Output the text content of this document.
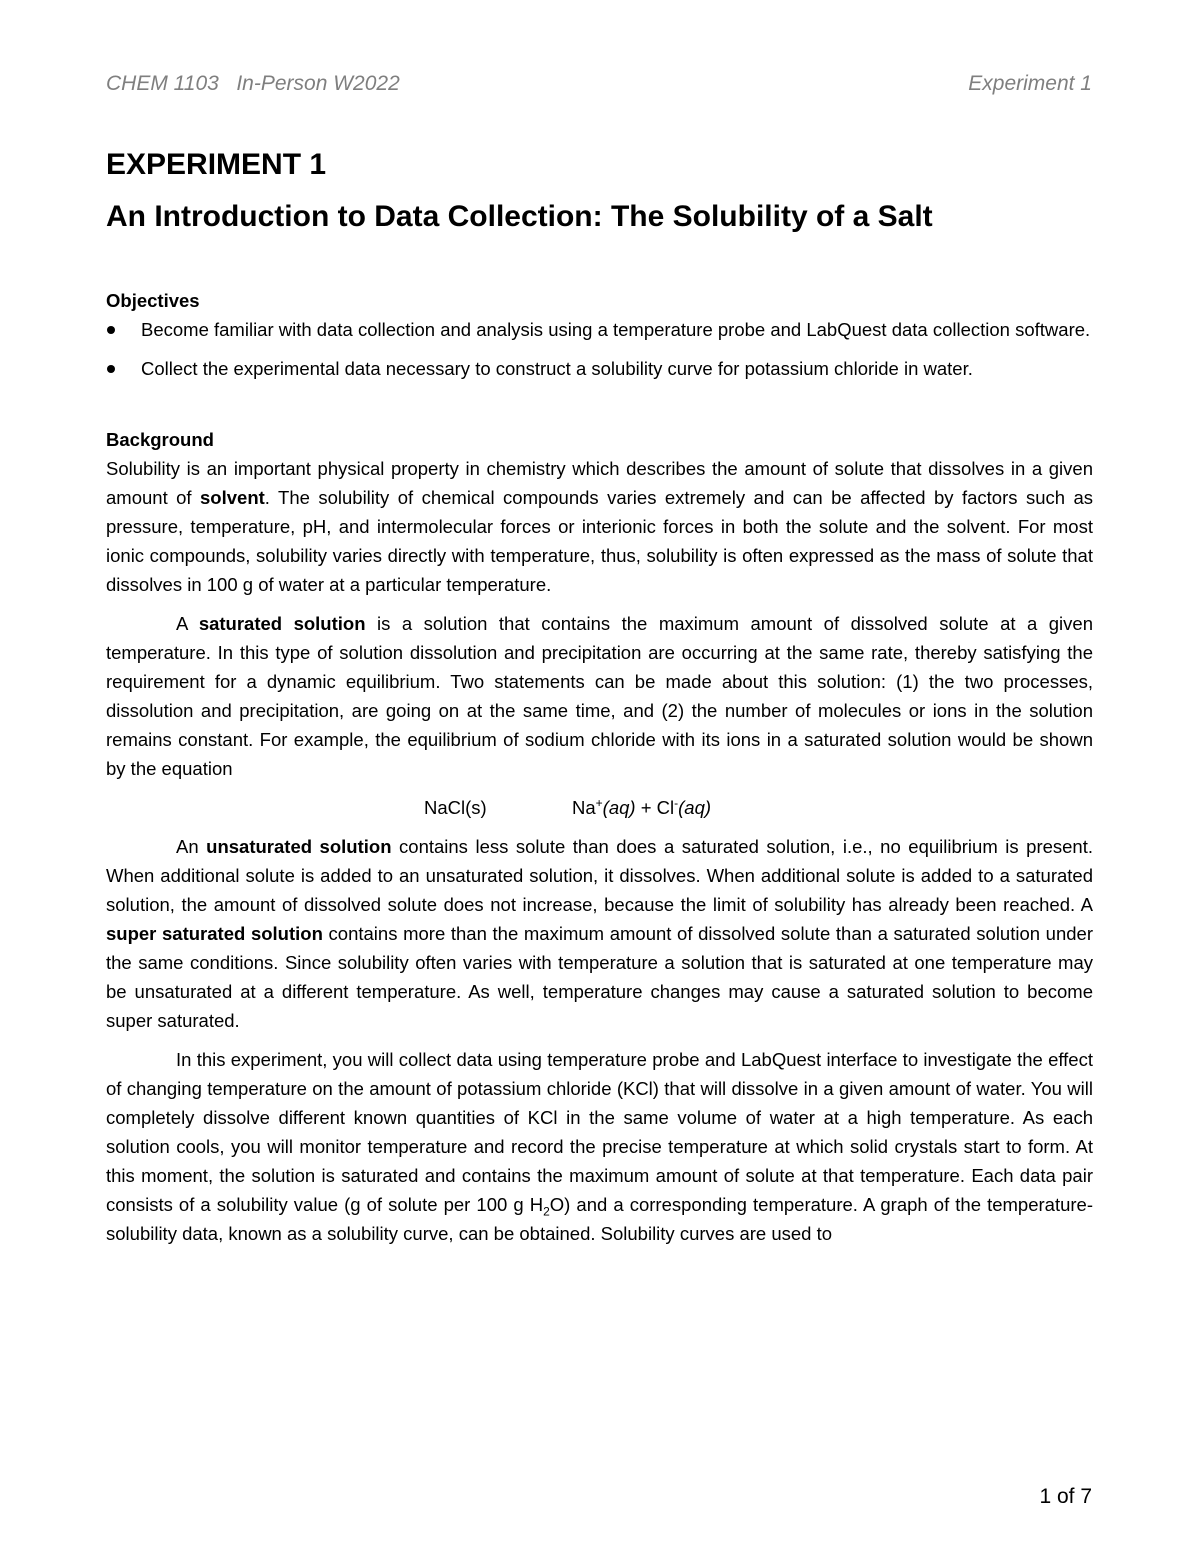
CHEM 1103   In-Person W2022	Experiment 1
EXPERIMENT 1
An Introduction to Data Collection: The Solubility of a Salt
Objectives
Become familiar with data collection and analysis using a temperature probe and LabQuest data collection software.
Collect the experimental data necessary to construct a solubility curve for potassium chloride in water.
Background

Solubility is an important physical property in chemistry which describes the amount of solute that dissolves in a given amount of solvent. The solubility of chemical compounds varies extremely and can be affected by factors such as pressure, temperature, pH, and intermolecular forces or interionic forces in both the solute and the solvent. For most ionic compounds, solubility varies directly with temperature, thus, solubility is often expressed as the mass of solute that dissolves in 100 g of water at a particular temperature.

A saturated solution is a solution that contains the maximum amount of dissolved solute at a given temperature. In this type of solution dissolution and precipitation are occurring at the same rate, thereby satisfying the requirement for a dynamic equilibrium. Two statements can be made about this solution: (1) the two processes, dissolution and precipitation, are going on at the same time, and (2) the number of molecules or ions in the solution remains constant. For example, the equilibrium of sodium chloride with its ions in a saturated solution would be shown by the equation

NaCl(s)	Na+(aq) + Cl-(aq)

An unsaturated solution contains less solute than does a saturated solution, i.e., no equilibrium is present. When additional solute is added to an unsaturated solution, it dissolves. When additional solute is added to a saturated solution, the amount of dissolved solute does not increase, because the limit of solubility has already been reached. A super saturated solution contains more than the maximum amount of dissolved solute than a saturated solution under the same conditions. Since solubility often varies with temperature a solution that is saturated at one temperature may be unsaturated at a different temperature. As well, temperature changes may cause a saturated solution to become super saturated.

In this experiment, you will collect data using temperature probe and LabQuest interface to investigate the effect of changing temperature on the amount of potassium chloride (KCl) that will dissolve in a given amount of water. You will completely dissolve different known quantities of KCl in the same volume of water at a high temperature. As each solution cools, you will monitor temperature and record the precise temperature at which solid crystals start to form. At this moment, the solution is saturated and contains the maximum amount of solute at that temperature. Each data pair consists of a solubility value (g of solute per 100 g $H_2O$) and a corresponding temperature. A graph of the temperature-solubility data, known as a solubility curve, can be obtained. Solubility curves are used to

1 of 7
